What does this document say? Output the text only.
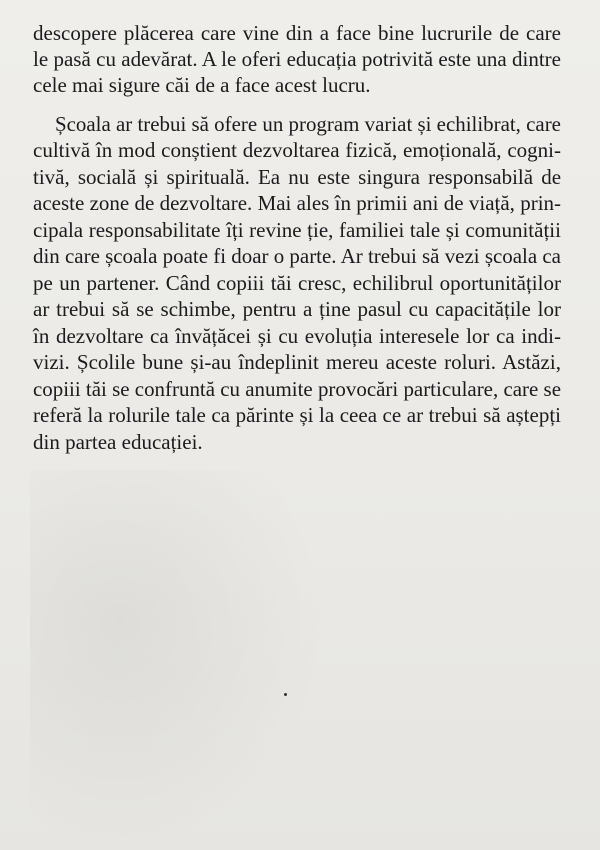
descopere plăcerea care vine din a face bine lucrurile de care

le pasă cu adevărat. A le oferi educația potrivită este una dintre

cele mai sigure căi de a face acest lucru.

Școala ar trebui să ofere un program variat și echilibrat, care

cultivă în mod conștient dezvoltarea fizică, emoțională, cogni-

tivă, socială și spirituală. Ea nu este singura responsabilă de

aceste zone de dezvoltare. Mai ales în primii ani de viață, prin-

cipala responsabilitate îți revine ție, familiei tale și comunității

din care școala poate fi doar o parte. Ar trebui să vezi școala ca

pe un partener. Când copiii tăi cresc, echilibrul oportunităților

ar trebui să se schimbe, pentru a ține pasul cu capacitățile lor

în dezvoltare ca învățăcei și cu evoluția interesele lor ca indi-

vizi. Școlile bune și-au îndeplinit mereu aceste roluri. Astăzi,

copiii tăi se confruntă cu anumite provocări particulare, care se

referă la rolurile tale ca părinte și la ceea ce ar trebui să aștepți

din partea educației.
